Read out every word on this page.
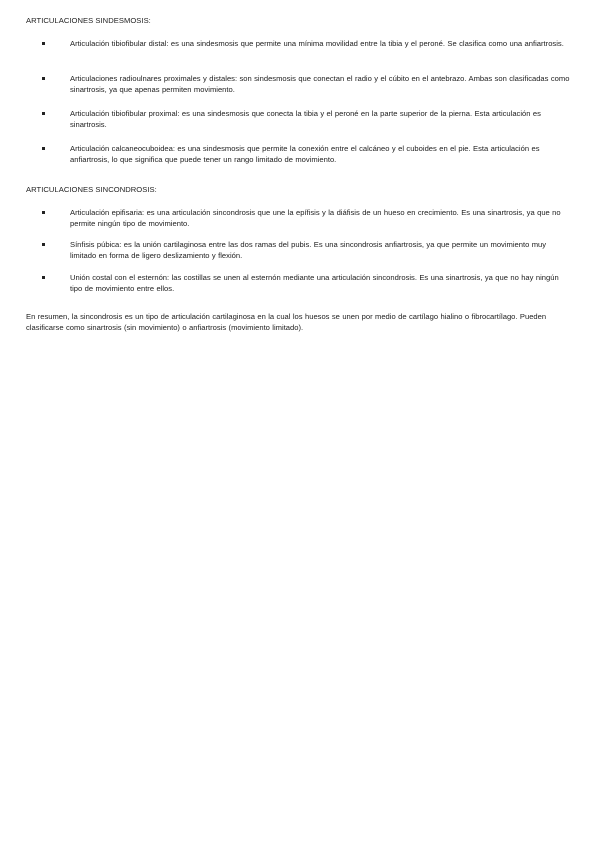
ARTICULACIONES SINDESMOSIS:
Articulación tibiofibular distal: es una sindesmosis que permite una mínima movilidad entre la tibia y el peroné. Se clasifica como una anfiartrosis.
Articulaciones radioulnares proximales y distales: son sindesmosis que conectan el radio y el cúbito en el antebrazo. Ambas son clasificadas como sinartrosis, ya que apenas permiten movimiento.
Articulación tibiofibular proximal: es una sindesmosis que conecta la tibia y el peroné en la parte superior de la pierna. Esta articulación es sinartrosis.
Articulación calcaneocuboidea: es una sindesmosis que permite la conexión entre el calcáneo y el cuboides en el pie. Esta articulación es anfiartrosis, lo que significa que puede tener un rango limitado de movimiento.
ARTICULACIONES SINCONDROSIS:
Articulación epifisaria: es una articulación sincondrosis que une la epífisis y la diáfisis de un hueso en crecimiento. Es una sinartrosis, ya que no permite ningún tipo de movimiento.
Sínfisis púbica: es la unión cartilaginosa entre las dos ramas del pubis. Es una sincondrosis anfiartrosis, ya que permite un movimiento muy limitado en forma de ligero deslizamiento y flexión.
Unión costal con el esternón: las costillas se unen al esternón mediante una articulación sincondrosis. Es una sinartrosis, ya que no hay ningún tipo de movimiento entre ellos.

En resumen, la sincondrosis es un tipo de articulación cartilaginosa en la cual los huesos se unen por medio de cartílago hialino o fibrocartílago. Pueden clasificarse como sinartrosis (sin movimiento) o anfiartrosis (movimiento limitado).
